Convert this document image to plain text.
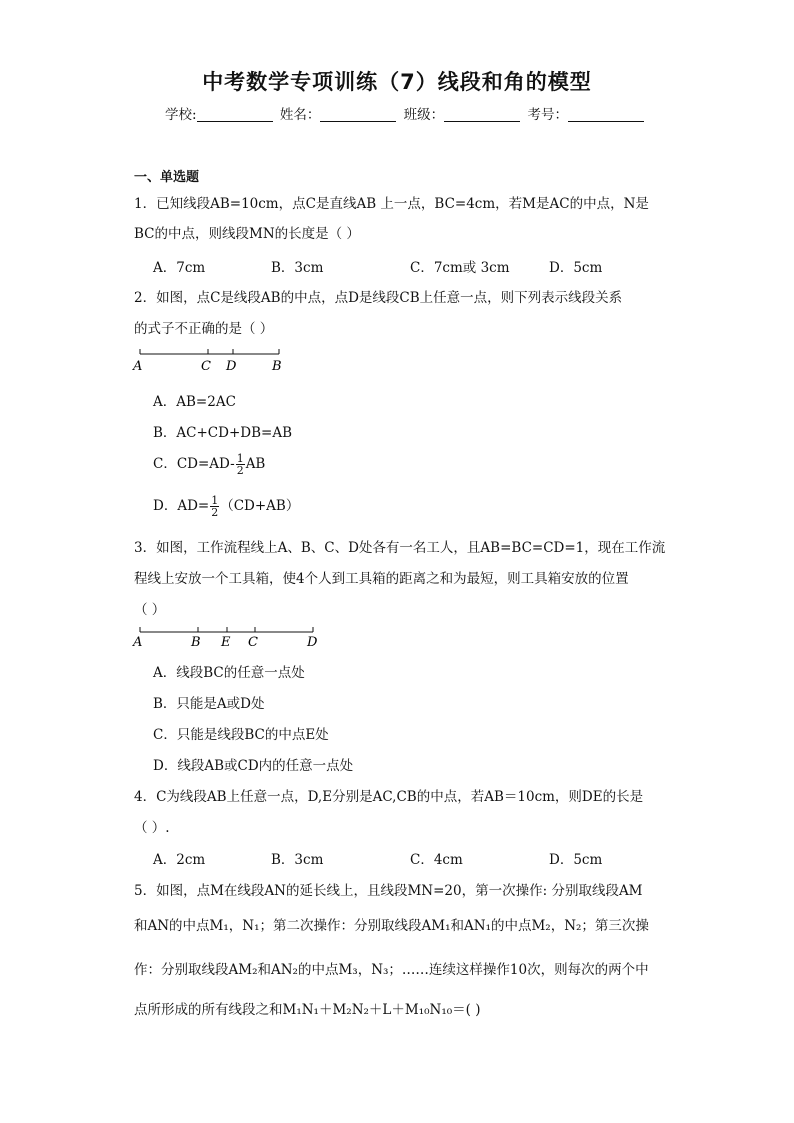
中考数学专项训练（7）线段和角的模型
学校:	姓名：	班级：	考号：
一、单选题
1．已知线段AB=10cm，点C是直线AB 上一点，BC=4cm，若M是AC的中点，N是
BC的中点，则线段MN的长度是（ ）
A．7cm	B．3cm	C．7cm或 3cm	D．5cm
2．如图，点C是线段AB的中点，点D是线段CB上任意一点，则下列表示线段关系
的式子不正确的是（ ）
A	C D	B
A．AB=2AC
B．AC+CD+DB=AB
C．$CD=AD- \frac{1}{2}$ AB
D．$AD= \frac{1}{2} (CD+AB)$
3．如图，工作流程线上A、B、C、D处各有一名工人，且AB=BC=CD=1，现在工作流
程线上安放一个工具箱，使4个人到工具箱的距离之和为最短，则工具箱安放的位置
（ ）
A	B E C	D
A．线段BC的任意一点处
B．只能是A或D处
C．只能是线段BC的中点E处
D．线段AB或CD内的任意一点处
4．C为线段AB上任意一点，D,E分别是AC,CB的中点，若AB＝10cm，则DE的长是
（ ）.
A．2cm	B．3cm	C．4cm	D．5cm
5．如图，点M在线段AN的延长线上，且线段MN=20，第一次操作: 分别取线段AM
和AN的中点M₁，N₁；第二次操作：分别取线段AM₁和AN₁的中点M₂，N₂；第三次操
作：分别取线段AM₂和AN₂的中点M₃，N₃；……连续这样操作10次，则每次的两个中
点所形成的所有线段之和M₁N₁＋M₂N₂＋L＋M₁₀N₁₀＝( )
